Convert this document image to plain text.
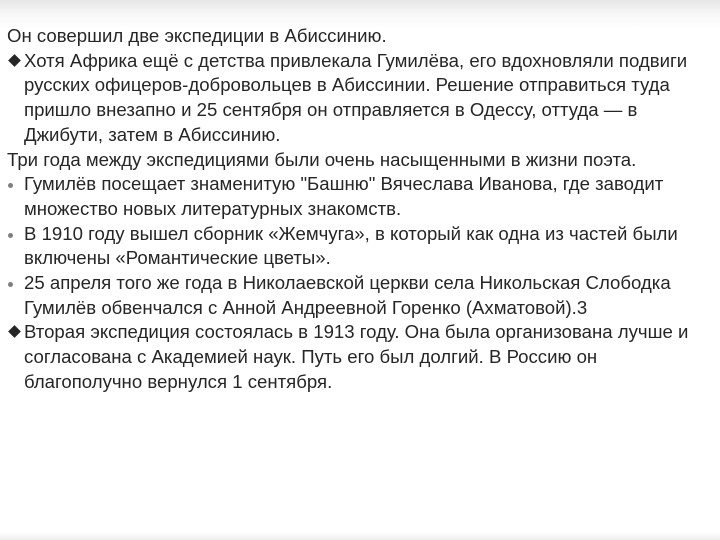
Он совершил две экспедиции в Абиссинию.

Хотя Африка ещё с детства привлекала Гумилёва, его вдохновляли подвиги русских офицеров-добровольцев в Абиссинии. Решение отправиться туда пришло внезапно и 25 сентября он отправляется в Одессу, оттуда — в Джибути, затем в Абиссинию.

Три года между экспедициями были очень насыщенными в жизни поэта.

Гумилёв посещает знаменитую "Башню" Вячеслава Иванова, где заводит множество новых литературных знакомств.
В 1910 году вышел сборник «Жемчуга», в который как одна из частей были включены «Романтические цветы».
25 апреля того же года в Николаевской церкви села Никольская Слободка Гумилёв обвенчался с Анной Андреевной Горенко (Ахматовой).3
Вторая экспедиция состоялась в 1913 году. Она была организована лучше и согласована с Академией наук. Путь его был долгий. В Россию он благополучно вернулся 1 сентября.
